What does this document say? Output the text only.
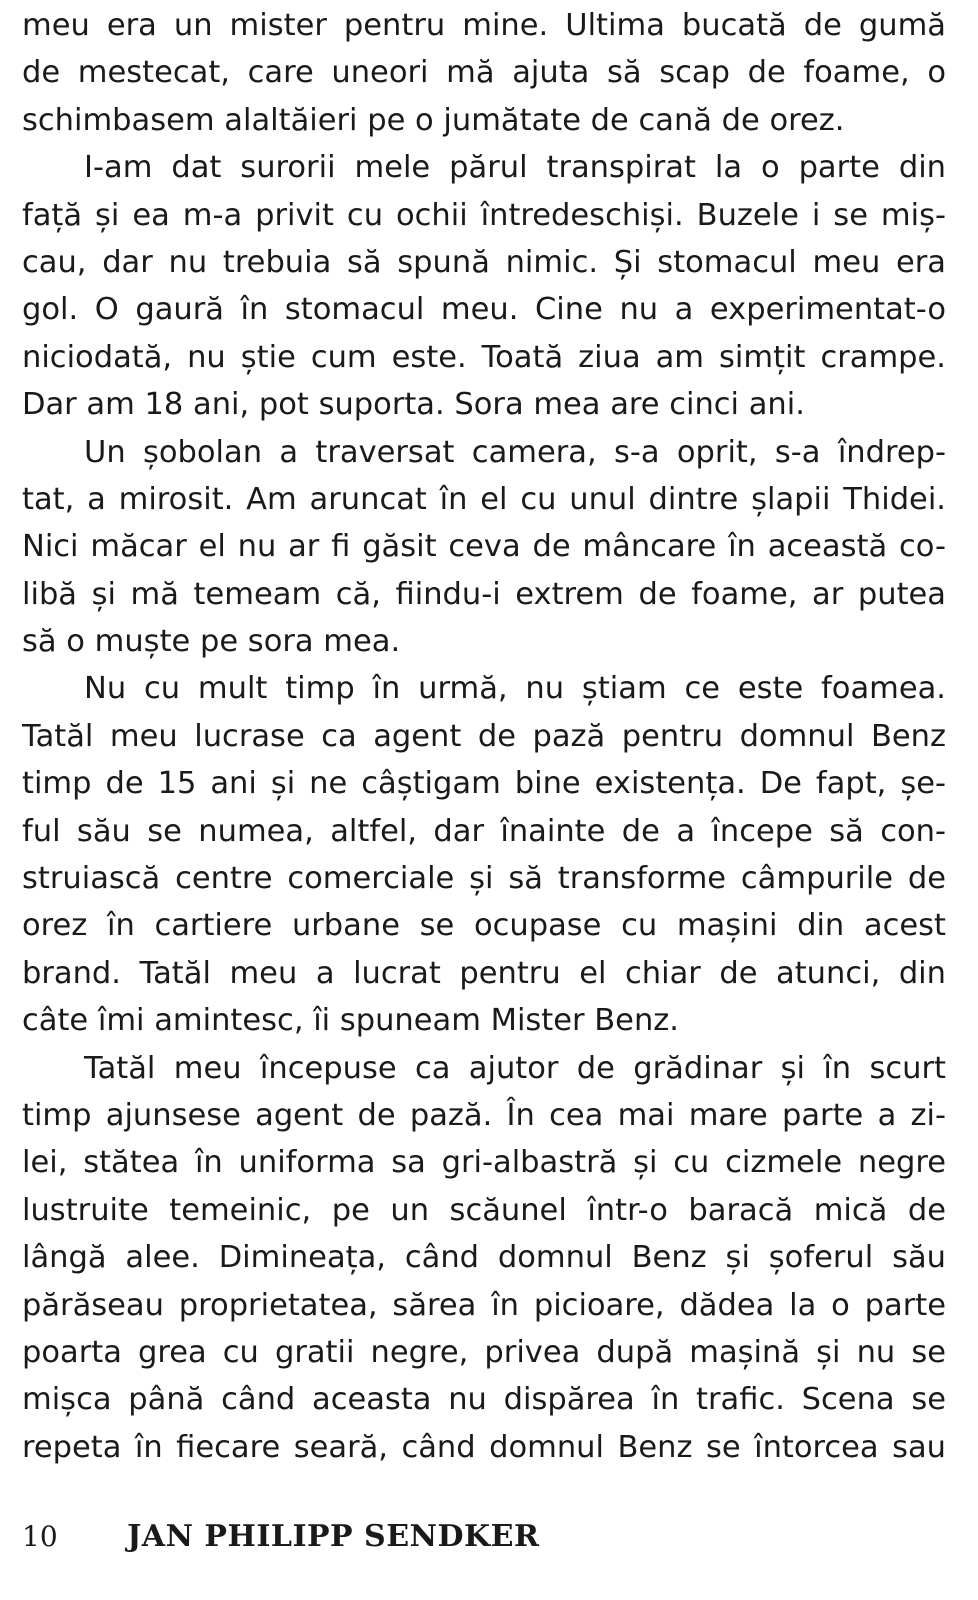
meu era un mister pentru mine. Ultima bucată de gumă
de mestecat, care uneori mă ajuta să scap de foame, o
schimbasem alaltăieri pe o jumătate de cană de orez.
I-am dat surorii mele părul transpirat la o parte din
față și ea m-a privit cu ochii întredeschiși. Buzele i se miș-
cau, dar nu trebuia să spună nimic. Și stomacul meu era
gol. O gaură în stomacul meu. Cine nu a experimentat-o
niciodată, nu știe cum este. Toată ziua am simțit crampe.
Dar am 18 ani, pot suporta. Sora mea are cinci ani.
Un șobolan a traversat camera, s-a oprit, s-a îndrep-
tat, a mirosit. Am aruncat în el cu unul dintre șlapii Thidei.
Nici măcar el nu ar fi găsit ceva de mâncare în această co-
libă și mă temeam că, fiindu-i extrem de foame, ar putea
să o muște pe sora mea.
Nu cu mult timp în urmă, nu știam ce este foamea.
Tatăl meu lucrase ca agent de pază pentru domnul Benz
timp de 15 ani și ne câștigam bine existența. De fapt, șe-
ful său se numea, altfel, dar înainte de a începe să con-
struiască centre comerciale și să transforme câmpurile de
orez în cartiere urbane se ocupase cu mașini din acest
brand. Tatăl meu a lucrat pentru el chiar de atunci, din
câte îmi amintesc, îi spuneam Mister Benz.
Tatăl meu începuse ca ajutor de grădinar și în scurt
timp ajunsese agent de pază. În cea mai mare parte a zi-
lei, stătea în uniforma sa gri-albastră și cu cizmele negre
lustruite temeinic, pe un scăunel într-o baracă mică de
lângă alee. Dimineața, când domnul Benz și șoferul său
părăseau proprietatea, sărea în picioare, dădea la o parte
poarta grea cu gratii negre, privea după mașină și nu se
mișca până când aceasta nu dispărea în trafic. Scena se
repeta în fiecare seară, când domnul Benz se întorcea sau
10 JAN PHILIPP SENDKER
